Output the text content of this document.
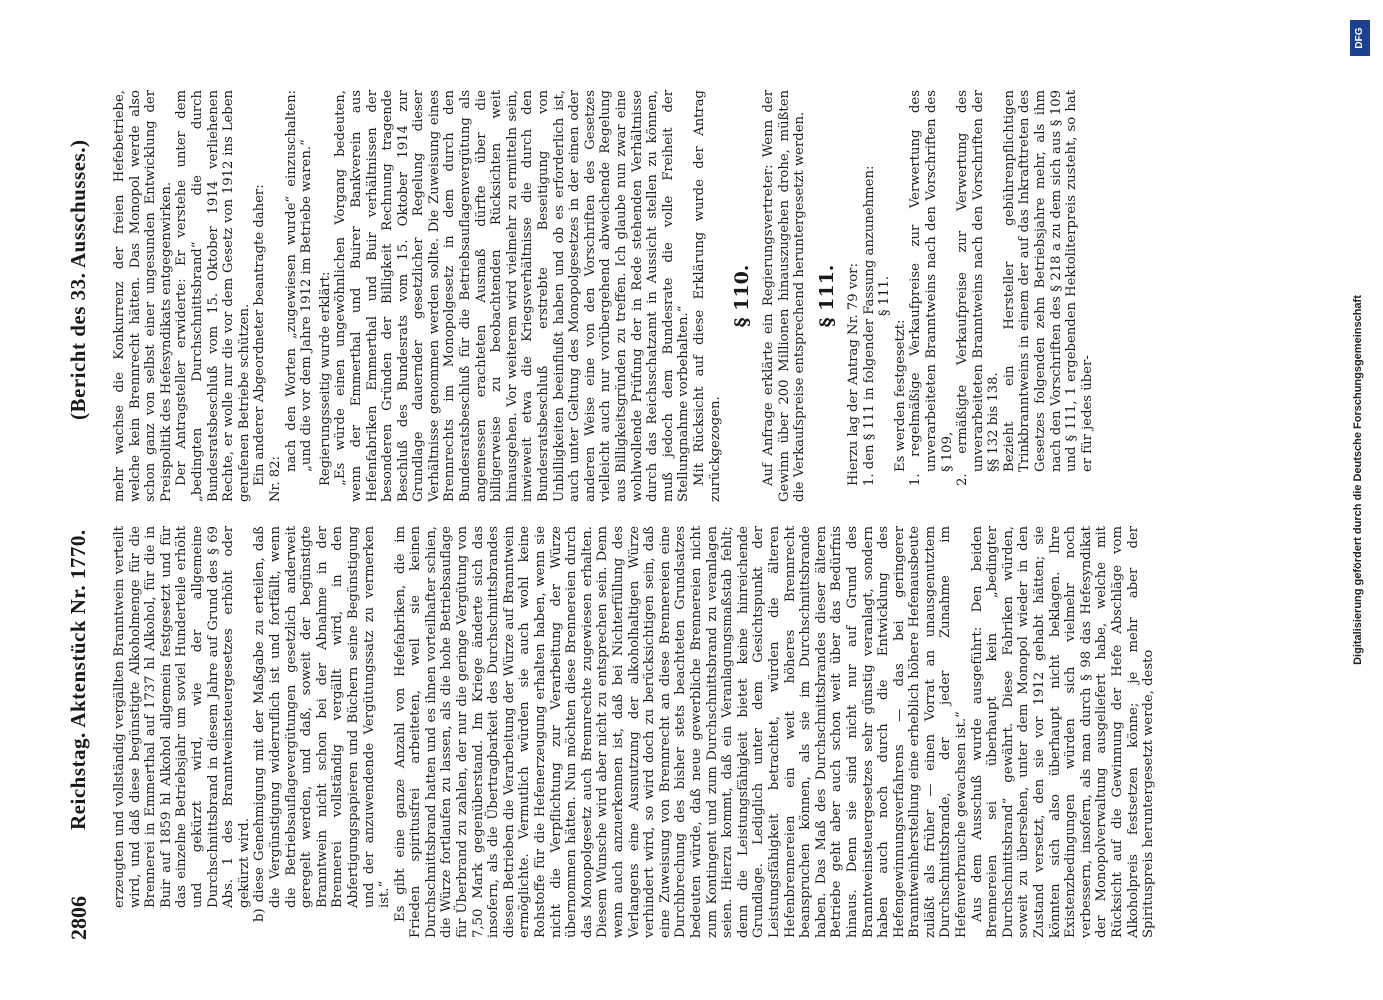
2806
Reichstag. Aktenstück Nr. 1770.
(Bericht des 33. Ausschusses.)

erzeugten und vollständig vergällten Branntwein verteilt wird, und daß diese begünstigte Alkoholmenge für die Brennerei in Emmerthal auf 1737 hl Alkohol, für die in Buir auf 1859 hl Alkohol allgemein festgesetzt und für das einzelne Betriebsjahr um soviel Hunderteile erhöht und gekürzt wird, wie der allgemeine Durchschnittsbrand in diesem Jahre auf Grund des § 69 Abs. 1 des Branntweinsteuergesetzes erhöht oder gekürzt wird. b) diese Genehmigung mit der Maßgabe zu erteilen, daß die Vergünstigung widerruflich ist und fortfällt, wenn die Betriebsauflagevergütungen gesetzlich anderweit geregelt werden, und daß, soweit der begünstigte Branntwein nicht schon bei der Abnahme in der Brennerei vollständig vergällt wird, in den Abfertigungspapieren und Büchern seine Begünstigung und der anzuwendende Vergütungssatz zu vermerken ist.“ Es gibt eine ganze Anzahl von Hefefabriken, die im Frieden spiritusfrei arbeiteten, weil sie keinen Durchschnittsbrand hatten und es ihnen vorteilhafter schien, die Würze fortlaufen zu lassen, als die hohe Betriebsauflage für Überbrand zu zahlen, der nur die geringe Vergütung von 7,50 Mark gegenüberstand. Im Kriege änderte sich das insofern, als die Übertragbarkeit des Durchschnittsbrandes diesen Betrieben die Verarbeitung der Würze auf Branntwein ermöglichte. Vermutlich würden sie auch wohl keine Rohstoffe für die Hefenerzeugung erhalten haben, wenn sie nicht die Verpflichtung zur Verarbeitung der Würze übernommen hätten. Nun möchten diese Brennereien durch das Monopolgesetz auch Brennrechte zugewiesen erhalten. Diesem Wunsche wird aber nicht zu entsprechen sein. Denn wenn auch anzuerkennen ist, daß bei Nichterfüllung des Verlangens eine Ausnutzung der alkoholhaltigen Würze verhindert wird, so wird doch zu berücksichtigen sein, daß eine Zuweisung von Brennrecht an diese Brennereien eine Durchbrechung des bisher stets beachteten Grundsatzes bedeuten würde, daß neue gewerbliche Brennereien nicht zum Kontingent und zum Durchschnittsbrand zu veranlagen seien. Hierzu kommt, daß ein Veranlagungsmaßstab fehlt; denn die Leistungsfähigkeit bietet keine hinreichende Grundlage. Lediglich unter dem Gesichtspunkt der Leistungsfähigkeit betrachtet, würden die älteren Hefenbrennereien ein weit höheres Brennrecht beanspruchen können, als sie im Durchschnittsbrande haben. Das Maß des Durchschnittsbrandes dieser älteren Betriebe geht aber auch schon weit über das Bedürfnis hinaus. Denn sie sind nicht nur auf Grund des Branntweinsteuergesetzes sehr günstig veranlagt, sondern haben auch noch durch die Entwicklung des Hefengewinnungsverfahrens — das bei geringerer Branntweinherstellung eine erheblich höhere Hefenausbeute zuläßt als früher — einen Vorrat an unausgenutztem Durchschnittsbrande, der jeder Zunahme im Hefenverbrauche gewachsen ist.“ Aus dem Ausschuß wurde ausgeführt: Den beiden Brennereien sei überhaupt kein „bedingter Durchschnittsbrand“ gewährt. Diese Fabriken würden, soweit zu übersehen, unter dem Monopol wieder in den Zustand versetzt, den sie vor 1912 gehabt hätten; sie könnten sich also überhaupt nicht beklagen. Ihre Existenzbedingungen würden sich vielmehr noch verbessern, insofern, als man durch § 98 das Hefesyndikat der Monopolverwaltung ausgeliefert habe, welche mit Rücksicht auf die Gewinnung der Hefe Abschläge vom Alkoholpreis festsetzen könne; je mehr aber der Spirituspreis heruntergesetzt werde, desto

mehr wachse die Konkurrenz der freien Hefebetriebe, welche kein Brennrecht hätten. Das Monopol werde also schon ganz von selbst einer ungesunden Entwicklung der Preispolitik des Hefesyndikats entgegenwirken. Der Antragsteller erwiderte: Er verstehe unter dem „bedingten Durchschnittsbrand“ die durch Bundesratsbeschluß vom 15. Oktober 1914 verliehenen Rechte, er wolle nur die vor dem Gesetz von 1912 ins Leben gerufenen Betriebe schützen. Ein anderer Abgeordneter beantragte daher: Nr. 82:

nach den Worten „zugewiesen wurde“ einzuschalten: „und die vor dem Jahre 1912 im Betriebe waren.“ Regierungsseitig wurde erklärt: „Es würde einen ungewöhnlichen Vorgang bedeuten, wenn der Emmerthal und Buirer Bankverein aus Hefenfabriken Emmerthal und Buir verhältnissen der besonderen Gründen der Billigkeit Rechnung tragende Beschluß des Bundesrats vom 15. Oktober 1914 zur Grundlage dauernder gesetzlicher Regelung dieser Verhältnisse genommen werden sollte. Die Zuweisung eines Brennrechts im Monopolgesetz in dem durch den Bundesratsbeschluß für die Betriebsauflagenvergütung als angemessen erachteten Ausmaß dürfte über die billigerweise zu beobachtenden Rücksichten weit hinausgehen. Vor weiterem wird vielmehr zu ermitteln sein, inwieweit etwa die Kriegsverhältnisse die durch den Bundesratsbeschluß erstrebte Beseitigung von Unbilligkeiten beeinflußt haben und ob es erforderlich ist, auch unter Geltung des Monopolgesetzes in der einen oder anderen Weise eine von den Vorschriften des Gesetzes vielleicht auch nur vorübergehend abweichende Regelung aus Billigkeitsgründen zu treffen. Ich glaube nun zwar eine wohlwollende Prüfung der in Rede stehenden Verhältnisse durch das Reichsschatzamt in Aussicht stellen zu können, muß jedoch dem Bundesrate die volle Freiheit der Stellungnahme vorbehalten.“ Mit Rücksicht auf diese Erklärung wurde der Antrag zurückgezogen.

§ 110. Auf Anfrage erklärte ein Regierungsvertreter: Wenn der Gewinn über 200 Millionen hinauszugehen drohe, müßten die Verkaufspreise entsprechend heruntergesetzt werden. § 111. Hierzu lag der Antrag Nr. 79 vor: 1. den § 111 in folgender Fassung anzunehmen: § 111.

Es werden festgesetzt: 1. regelmäßige Verkaufpreise zur Verwertung des unverarbeiteten Branntweins nach den Vorschriften des § 109, 2. ermäßigte Verkaufpreise zur Verwertung des unverarbeiteten Branntweins nach den Vorschriften der §§ 132 bis 138. Bezieht ein Hersteller gebührenpflichtigen Trinkbranntweins in einem der auf das Inkrafttreten des Gesetzes folgenden zehn Betriebsjahre mehr, als ihm nach den Vorschriften des § 218 a zu dem sich aus § 109 und § 111, 1 ergebenden Hektoliterpreis zusteht, so hat er für jedes über-	Digitalisierung gefördert durch die Deutsche Forschungsgemeinschaft
DFG
